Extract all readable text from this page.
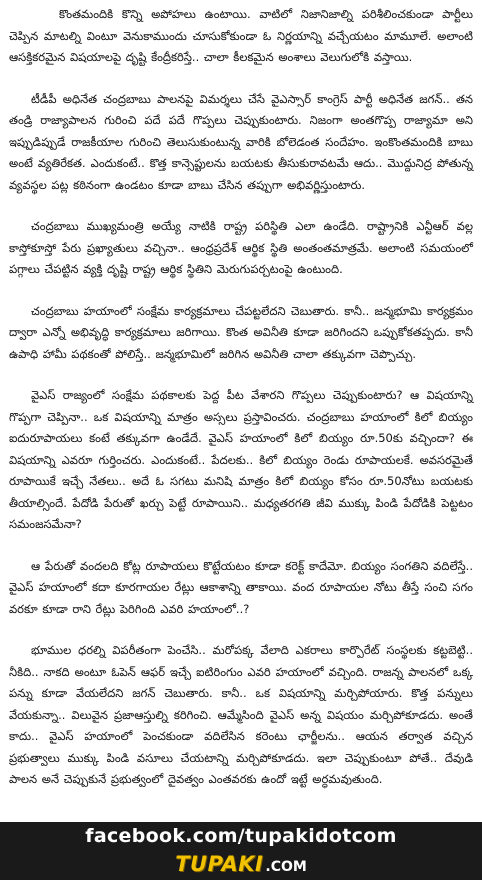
కొంతమందికి కొన్ని అపోహలు ఉంటాయి. వాటిలో నిజానిజాల్ని పరిశీలించకుండా పార్టీలు చెప్పిన మాటల్ని వింటూ వెనుకాముందు చూసుకోకుండా ఓ నిర్ణయాన్ని వచ్చేయటం మామూలే. అలాంటి ఆసక్తికరమైన విషయాలపై దృష్టి కేంద్రీకరిస్తే.. చాలా కీలకమైన అంశాలు వెలుగులోకి వస్తాయి.

టీడీపీ అధినేత చంద్రబాబు పాలనపై విమర్శలు చేసే వైఎస్సార్ కాంగ్రెస్ పార్టీ అధినేత జగన్.. తన తండ్రి రాజ్యాపాలన గురించి పదే పదే గొప్పలు చెప్పుకుంటారు. నిజంగా అంతగొప్ప రాజ్యామా అని ఇప్పుడిప్పుడే రాజకీయాల గురించి తెలుసుకుంటున్న వారికి బోలెడంత సందేహం. ఇంకొంతమందికి బాబు అంటే వ్యతిరేకత. ఎందుకంటే.. కొత్త కాన్సెప్టులను బయటకు తీసుకురావటమే ఆదు.. మొద్దునిద్ర పోతున్న వ్యవస్థల పట్ల కఠినంగా ఉండటం కూడా బాబు చేసిన తప్పుగా అభివర్ణిస్తుంటారు.

చంద్రబాబు ముఖ్యమంత్రి అయ్యే నాటికి రాష్ట్ర పరిస్థితి ఎలా ఉండేది. రాష్ట్రానికి ఎన్టీఆర్ వల్ల కాస్తోకూస్తో పేరు ప్రఖ్యాతులు వచ్చినా.. ఆంధ్రప్రదేశ్ ఆర్థిక స్థితి అంతంతమాత్రమే. అలాంటి సమయంలో పగ్గాలు చేపట్టిన వ్యక్తి దృష్టి రాష్ట్ర ఆర్థిక స్థితిని మెరుగుపర్చటంపై ఉంటుంది.

చంద్రబాబు హయాంలో సంక్షేమ కార్యక్రమాలు చేపట్టలేదని చెబుతారు. కానీ.. జన్మభూమి కార్యక్రమం ద్వారా ఎన్నో అభివృద్ధి కార్యక్రమాలు జరిగాయి. కొంత అవినీతి కూడా జరిగిందని ఒప్పుకోకతప్పదు. కానీ ఉపాధి హామీ పథకంతో పోలిస్తే.. జన్మభూమిలో జరిగిన అవినీతి చాలా తక్కువగా చెప్పొచ్చు.

వైఎస్ రాజ్యంలో సంక్షేమ పథకాలకు పెద్ద పీట వేశారని గొప్పలు చెప్పుకుంటారు? ఆ విషయాన్ని గొప్పగా చెప్పినా.. ఒక విషయాన్ని మాత్రం అస్సలు ప్రస్తావించరు. చంద్రబాబు హయాంలో కిలో బియ్యం ఐదురూపాయలు కంటే తక్కువగా ఉండేదే. వైఎస్ హయాంలో కిలో బియ్యం రూ.50కు వచ్చిందా? ఈ విషయాన్ని ఎవరూ గుర్తించరు. ఎందుకంటే.. పేదలకు.. కిలో బియ్యం రెండు రూపాయలకే. అవసరమైతే రూపాయికే ఇచ్చే నేతలు.. అదే ఓ సగటు మనిషి మాత్రం కిలో బియ్యం కోసం రూ.50నోటు బయటకు తీయాల్సిందే. పేదోడి పేరుతో ఖర్చు పెట్టే రూపాయిని.. మధ్యతరగతి జీవి ముక్కు పిండి పేదోడికి పెట్టటం సమంజసమేనా?

ఆ పేరుతో వందలది కోట్ల రూపాయలు కొట్టేయటం కూడా కరెక్ట్ కాదేమో. బియ్యం సంగతిని వదిలేస్తే.. వైఎస్ హయాంలో కదా కూరగాయల రేట్లు ఆకాశాన్ని తాకాయి. వంద రూపాయల నోటు తీస్తే సంచి సగం వరకూ కూడా రాని రేట్లు పెరిగింది ఎవరి హయాంలో..?

భూముల ధరల్ని విపరీతంగా పెంచేసి.. మరోపక్క వేలాది ఎకరాలు కార్పొరేట్ సంస్థలకు కట్టబెట్టి.. నీకిది.. నాకది అంటూ ఓపెన్ ఆఫర్ ఇచ్చే ఐటిరింగుం ఎవరి హయాంలో వచ్చింది. రాజన్న పాలనలో ఒక్క పన్ను కూడా వేయలేదని జగన్ చెబుతారు. కానీ.. ఒక విషయాన్ని మర్చిపోయారు. కొత్త పన్నులు వేయకున్నా.. విలువైన ప్రజాఆస్తుల్ని కరిగించి. ఆమ్మేసింది వైఎస్ అన్న విషయం మర్చిపోకూడదు. అంతే కాదు.. వైఎస్ హయాంలో పెంచకుండా వదిలేసిన కరెంటు ఛార్జీలను.. ఆయన తర్వాత వచ్చిన ప్రభుత్వాలు ముక్కు పిండి వసూలు చేయటాన్ని మర్చిపోకూడదు. ఇలా చెప్పుకుంటూ పోతే.. దేవుడి పాలన అనే చెప్పుకునే ప్రభుత్వంలో దైవత్వం ఎంతవరకు ఉందో ఇట్టే అర్ధమవుతుంది.

facebook.com/tupakidotcom
TUPAKI .COM
